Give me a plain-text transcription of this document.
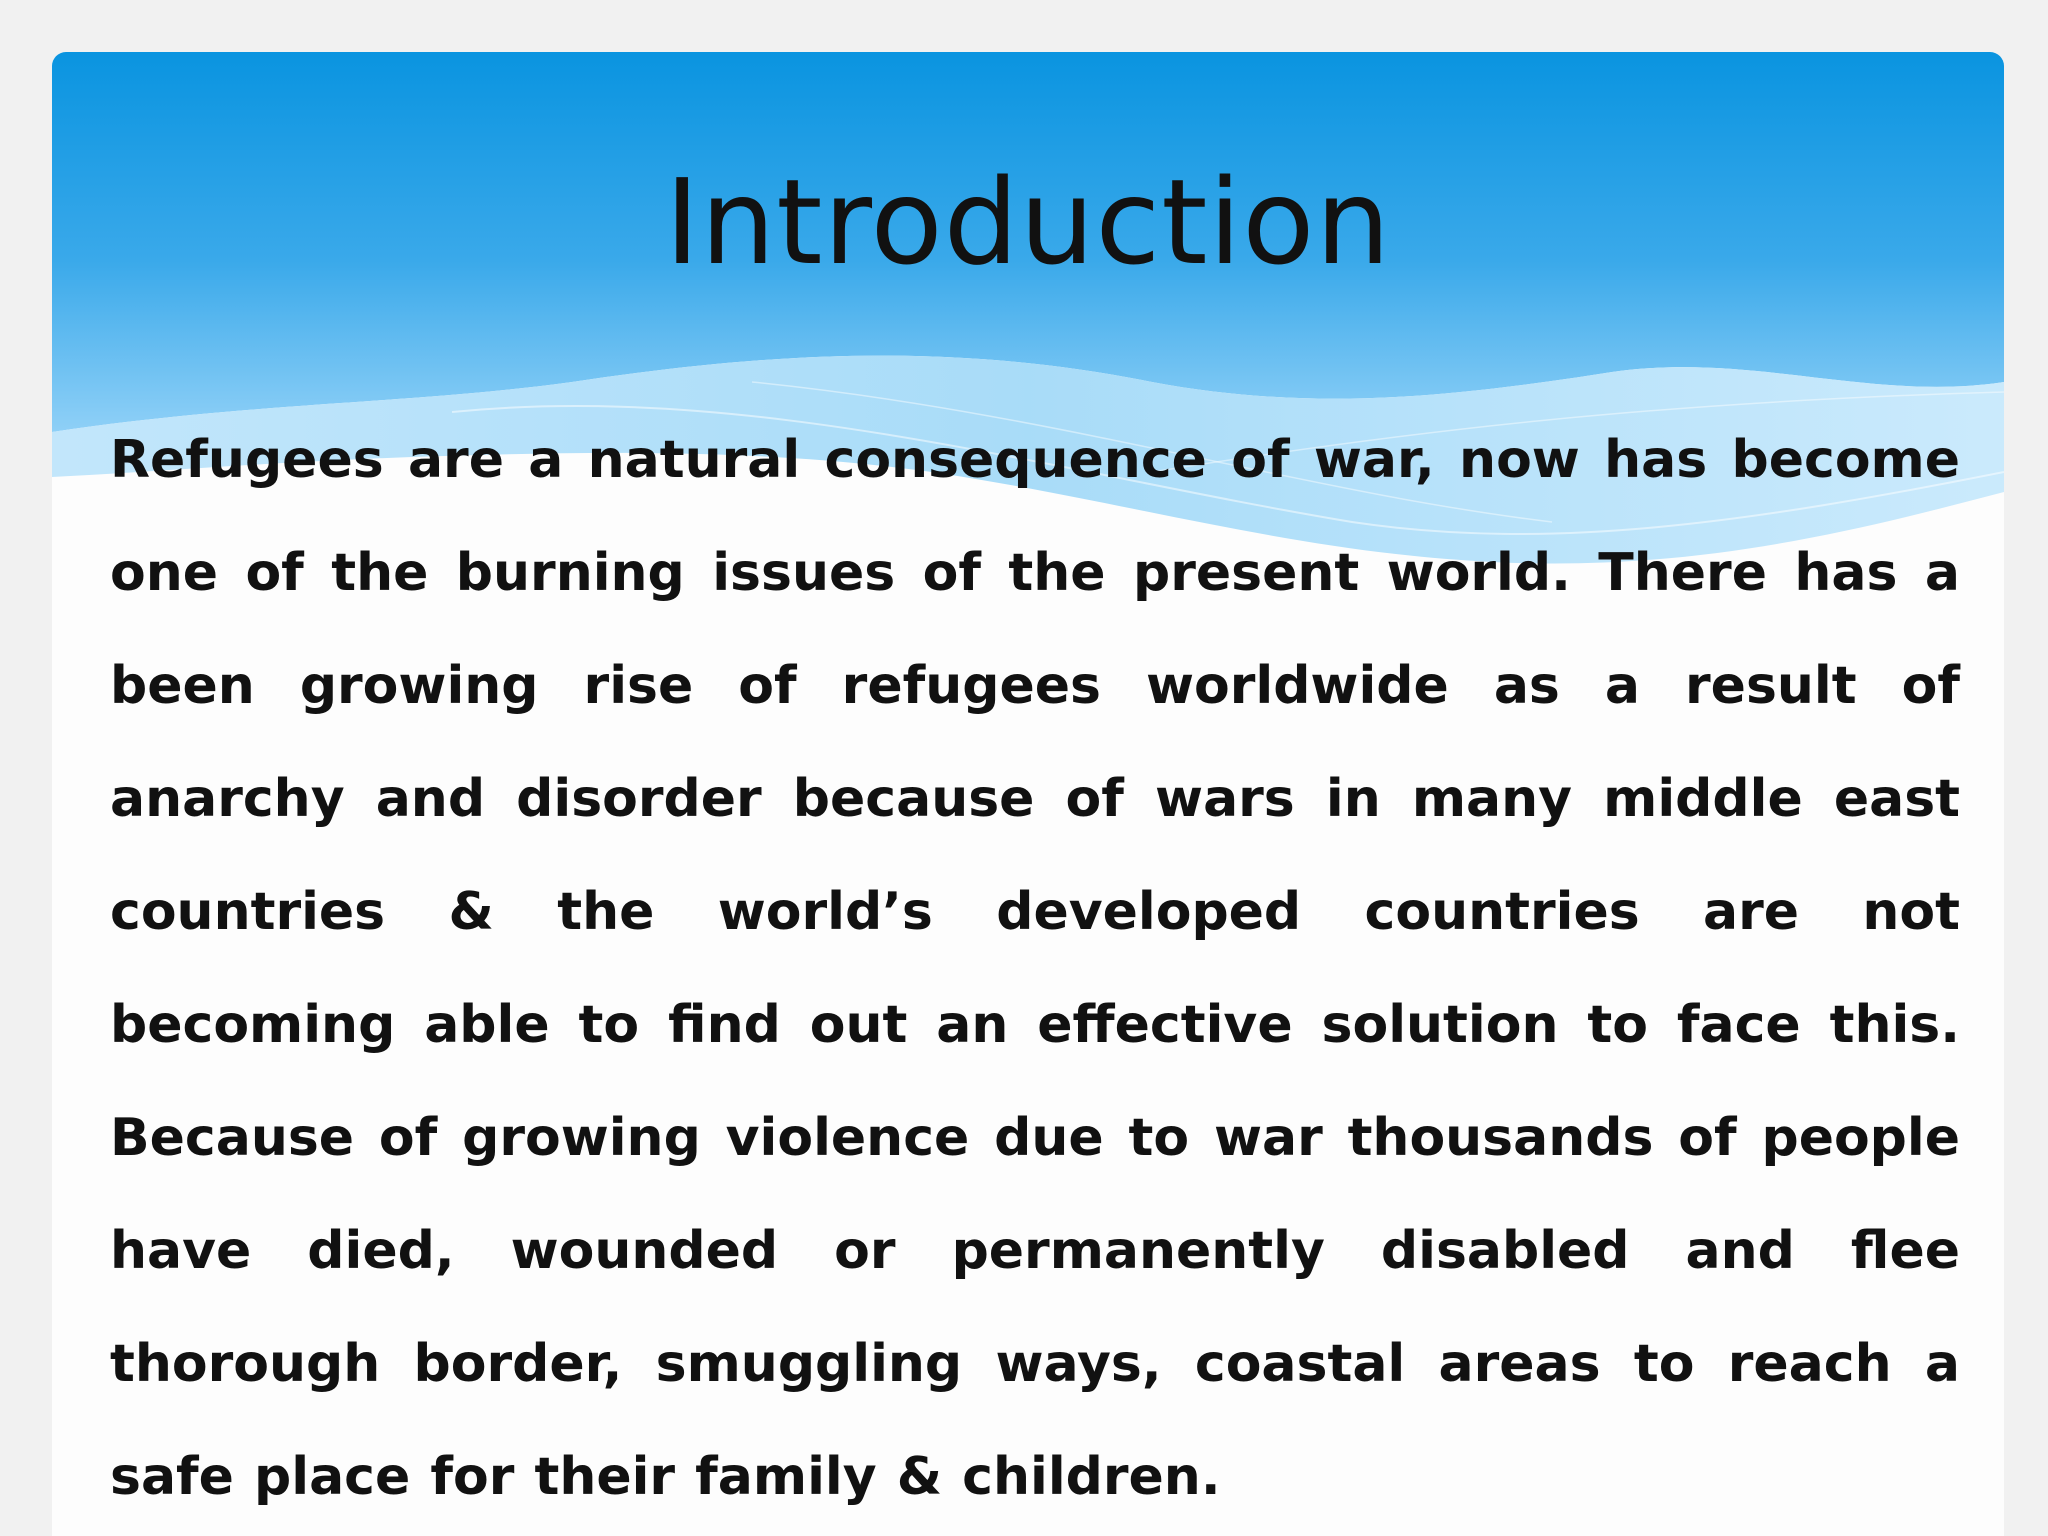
Introduction

Refugees are a natural consequence of war, now has become one of the burning issues of the present world. There has a been growing rise of refugees worldwide as a result of anarchy and disorder because of wars in many middle east countries & the world’s developed countries are not becoming able to find out an effective solution to face this. Because of growing violence due to war thousands of people have died, wounded or permanently disabled and flee thorough border, smuggling ways, coastal areas to reach a safe place for their family & children.
